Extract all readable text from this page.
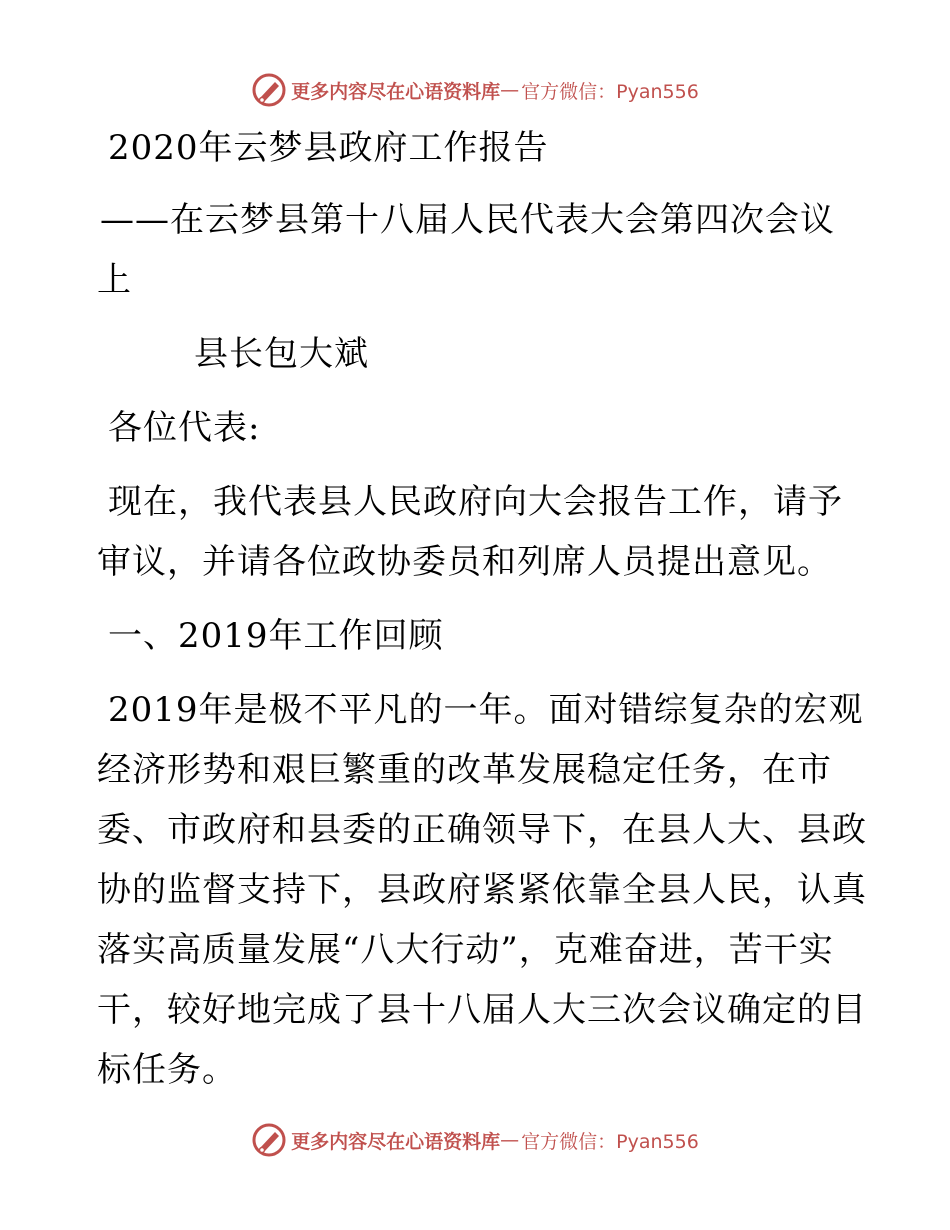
更多内容尽在心语资料库 — 官方微信：Pyan556
2020年云梦县政府工作报告
——在云梦县第十八届人民代表大会第四次会议
上
县长包大斌
各位代表:
现在，我代表县人民政府向大会报告工作，请予
审议，并请各位政协委员和列席人员提出意见。
一、2019年工作回顾
2019年是极不平凡的一年。面对错综复杂的宏观
经济形势和艰巨繁重的改革发展稳定任务，在市
委、市政府和县委的正确领导下，在县人大、县政
协的监督支持下，县政府紧紧依靠全县人民，认真
落实高质量发展“八大行动”，克难奋进，苦干实
干，较好地完成了县十八届人大三次会议确定的目
标任务。
更多内容尽在心语资料库 — 官方微信：Pyan556
